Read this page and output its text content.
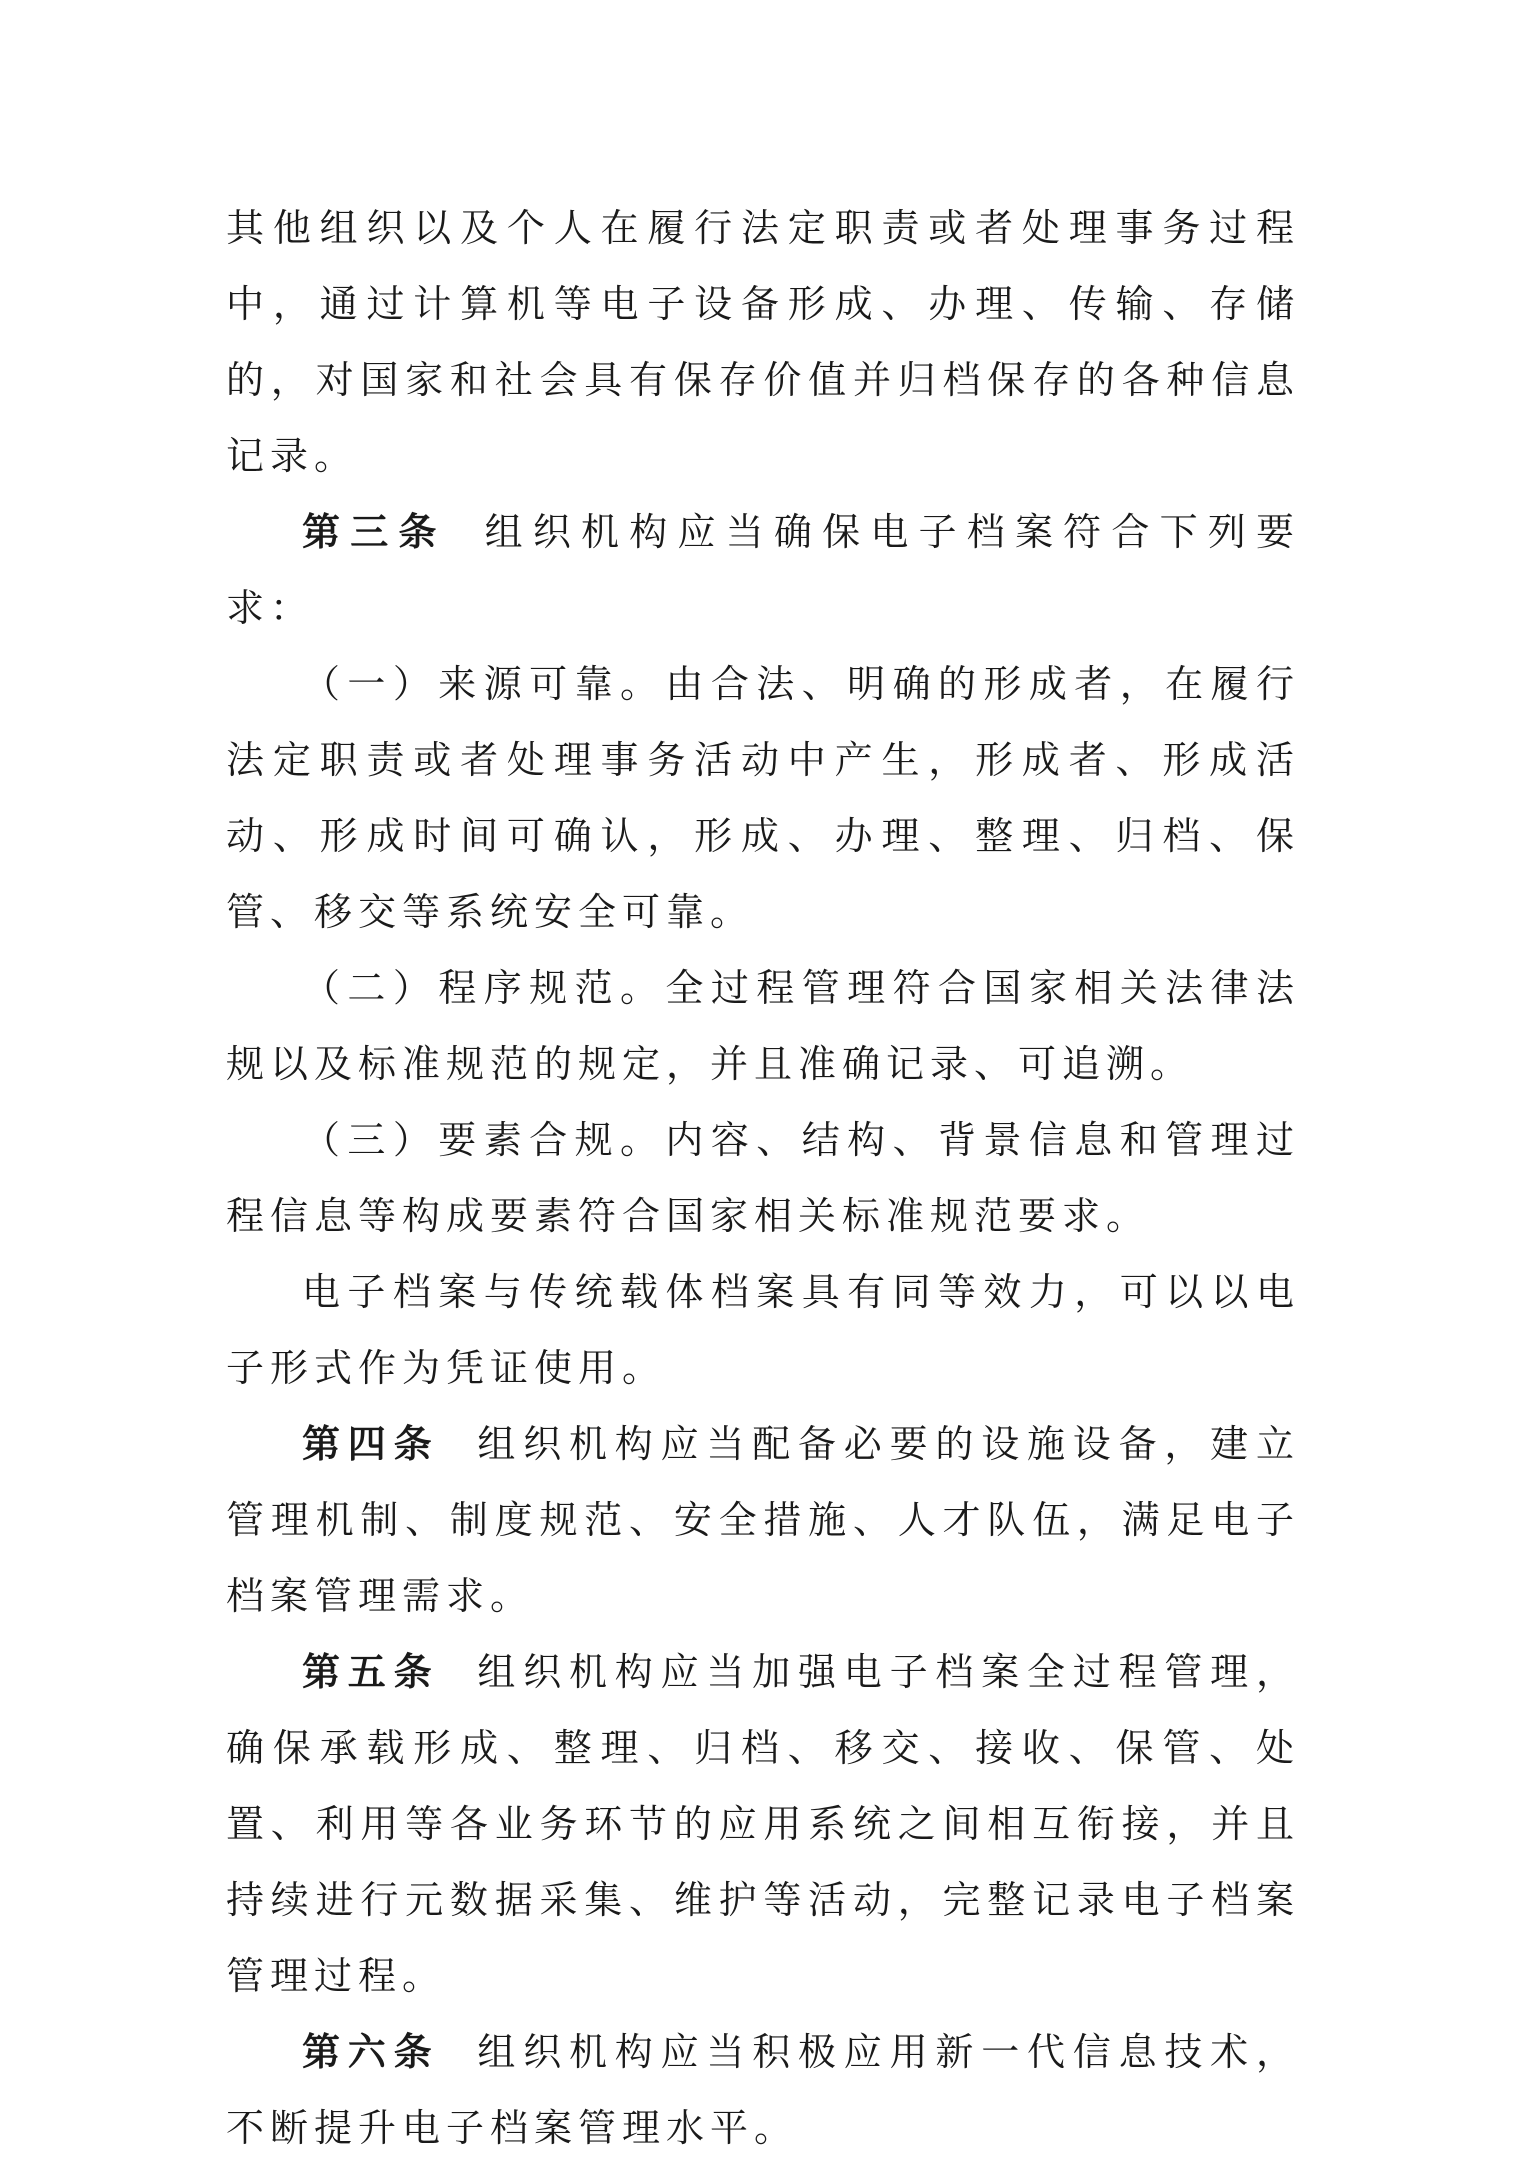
其他组织以及个人在履行法定职责或者处理事务过程中，通过计算机等电子设备形成、办理、传输、存储的，对国家和社会具有保存价值并归档保存的各种信息记录。

第三条 组织机构应当确保电子档案符合下列要求：

（一）来源可靠。由合法、明确的形成者，在履行法定职责或者处理事务活动中产生，形成者、形成活动、形成时间可确认，形成、办理、整理、归档、保管、移交等系统安全可靠。

（二）程序规范。全过程管理符合国家相关法律法规以及标准规范的规定，并且准确记录、可追溯。

（三）要素合规。内容、结构、背景信息和管理过程信息等构成要素符合国家相关标准规范要求。

电子档案与传统载体档案具有同等效力，可以以电子形式作为凭证使用。

第四条 组织机构应当配备必要的设施设备，建立管理机制、制度规范、安全措施、人才队伍，满足电子档案管理需求。

第五条 组织机构应当加强电子档案全过程管理，确保承载形成、整理、归档、移交、接收、保管、处置、利用等各业务环节的应用系统之间相互衔接，并且持续进行元数据采集、维护等活动，完整记录电子档案管理过程。

第六条 组织机构应当积极应用新一代信息技术，不断提升电子档案管理水平。
